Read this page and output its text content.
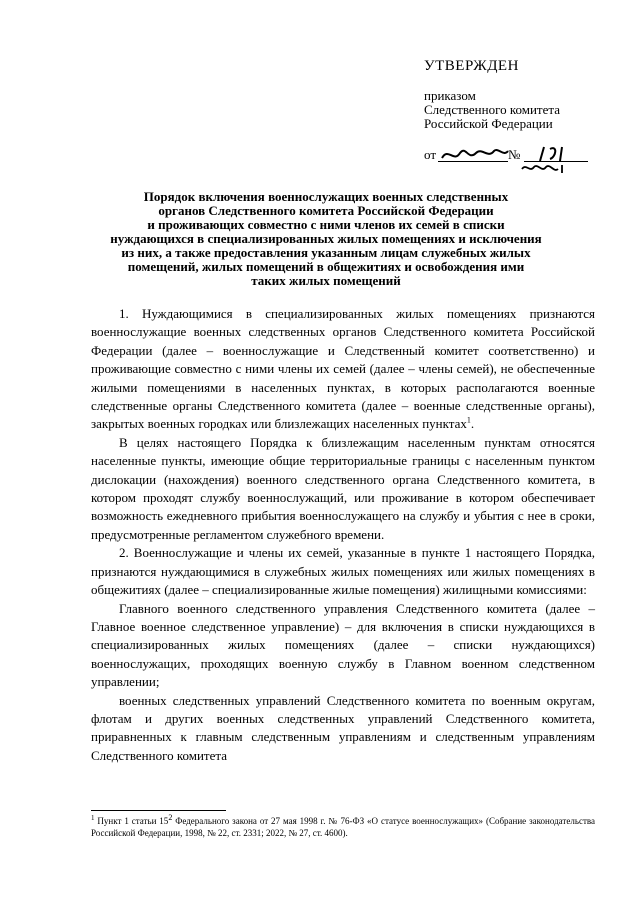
УТВЕРЖДЕН
приказом
Следственного комитета
Российской Федерации
от	№
Порядок включения военнослужащих военных следственных
органов Следственного комитета Российской Федерации
и проживающих совместно с ними членов их семей в списки
нуждающихся в специализированных жилых помещениях и исключения
из них, а также предоставления указанным лицам служебных жилых
помещений, жилых помещений в общежитиях и освобождения ими
таких жилых помещений

1. Нуждающимися в специализированных жилых помещениях признаются военнослужащие военных следственных органов Следственного комитета Российской Федерации (далее – военнослужащие и Следственный комитет соответственно) и проживающие совместно с ними члены их семей (далее – члены семей), не обеспеченные жилыми помещениями в населенных пунктах, в которых располагаются военные следственные органы Следственного комитета (далее – военные следственные органы), закрытых военных городках или близлежащих населенных пунктах$^1$.

В целях настоящего Порядка к близлежащим населенным пунктам относятся населенные пункты, имеющие общие территориальные границы с населенным пунктом дислокации (нахождения) военного следственного органа Следственного комитета, в котором проходят службу военнослужащий, или проживание в котором обеспечивает возможность ежедневного прибытия военнослужащего на службу и убытия с нее в сроки, предусмотренные регламентом служебного времени.

2. Военнослужащие и члены их семей, указанные в пункте 1 настоящего Порядка, признаются нуждающимися в служебных жилых помещениях или жилых помещениях в общежитиях (далее – специализированные жилые помещения) жилищными комиссиями:

Главного военного следственного управления Следственного комитета (далее – Главное военное следственное управление) – для включения в списки нуждающихся в специализированных жилых помещениях (далее – списки нуждающихся) военнослужащих, проходящих военную службу в Главном военном следственном управлении;

военных следственных управлений Следственного комитета по военным округам, флотам и других военных следственных управлений Следственного комитета, приравненных к главным следственным управлениям и следственным управлениям Следственного комитета

$^1$ Пункт 1 статьи $15^2$ Федерального закона от 27 мая 1998 г. № 76-ФЗ «О статусе военнослужащих» (Собрание законодательства Российской Федерации, 1998, № 22, ст. 2331; 2022, № 27, ст. 4600).
